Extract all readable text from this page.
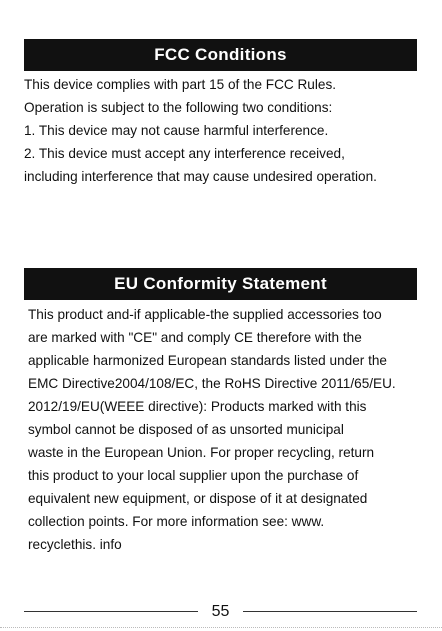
FCC Conditions

This device complies with part 15 of the FCC Rules.
Operation is subject to the following two conditions:
1. This device may not cause harmful interference.
2. This device must accept any interference received,
including interference that may cause undesired operation.

EU Conformity Statement

This product and-if applicable-the supplied accessories too
are marked with "CE" and comply CE therefore with the
applicable harmonized European standards listed under the
EMC Directive2004/108/EC, the RoHS Directive 2011/65/EU.
2012/19/EU(WEEE directive): Products marked with this
symbol cannot be disposed of as unsorted municipal
waste in the European Union. For proper recycling, return
this product to your local supplier upon the purchase of
equivalent new equipment, or dispose of it at designated
collection points. For more information see: www.
recyclethis. info

55
